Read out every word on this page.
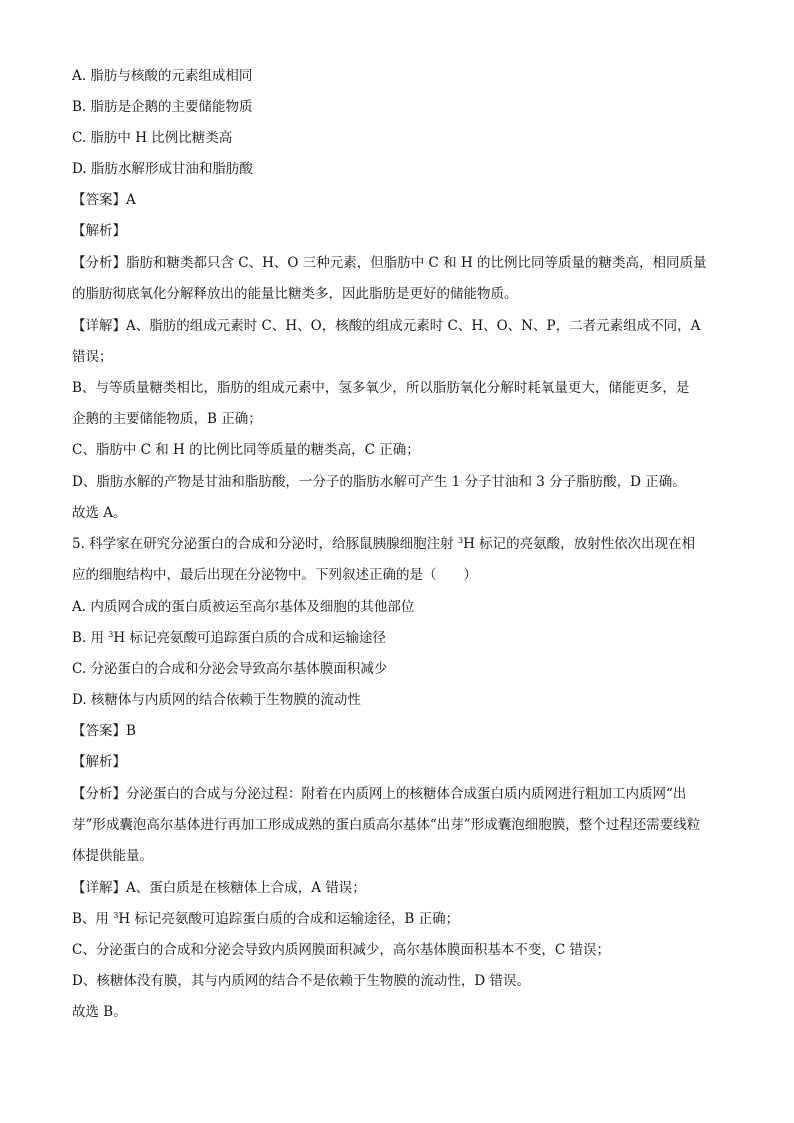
A. 脂肪与核酸的元素组成相同
B. 脂肪是企鹅的主要储能物质
C. 脂肪中 H 比例比糖类高
D. 脂肪水解形成甘油和脂肪酸
【答案】A
【解析】
【分析】脂肪和糖类都只含 C、H、O 三种元素，但脂肪中 C 和 H 的比例比同等质量的糖类高，相同质量
的脂肪彻底氧化分解释放出的能量比糖类多，因此脂肪是更好的储能物质。
【详解】A、脂肪的组成元素时 C、H、O，核酸的组成元素时 C、H、O、N、P，二者元素组成不同，A
错误；
B、与等质量糖类相比，脂肪的组成元素中，氢多氧少，所以脂肪氧化分解时耗氧量更大，储能更多，是
企鹅的主要储能物质，B 正确；
C、脂肪中 C 和 H 的比例比同等质量的糖类高，C 正确；
D、脂肪水解的产物是甘油和脂肪酸，一分子的脂肪水解可产生 1 分子甘油和 3 分子脂肪酸，D 正确。
故选 A。
5. 科学家在研究分泌蛋白的合成和分泌时，给豚鼠胰腺细胞注射 $^3$H 标记的亮氨酸，放射性依次出现在相
应的细胞结构中，最后出现在分泌物中。下列叙述正确的是（　　）
A. 内质网合成的蛋白质被运至高尔基体及细胞的其他部位
B. 用 $^3$H 标记亮氨酸可追踪蛋白质的合成和运输途径
C. 分泌蛋白的合成和分泌会导致高尔基体膜面积减少
D. 核糖体与内质网的结合依赖于生物膜的流动性
【答案】B
【解析】
【分析】分泌蛋白的合成与分泌过程：附着在内质网上的核糖体合成蛋白质内质网进行粗加工内质网“出
芽”形成囊泡高尔基体进行再加工形成成熟的蛋白质高尔基体“出芽”形成囊泡细胞膜，整个过程还需要线粒
体提供能量。
【详解】A、蛋白质是在核糖体上合成，A 错误；
B、用 $^3$H 标记亮氨酸可追踪蛋白质的合成和运输途径，B 正确；
C、分泌蛋白的合成和分泌会导致内质网膜面积减少，高尔基体膜面积基本不变，C 错误；
D、核糖体没有膜，其与内质网的结合不是依赖于生物膜的流动性，D 错误。
故选 B。
